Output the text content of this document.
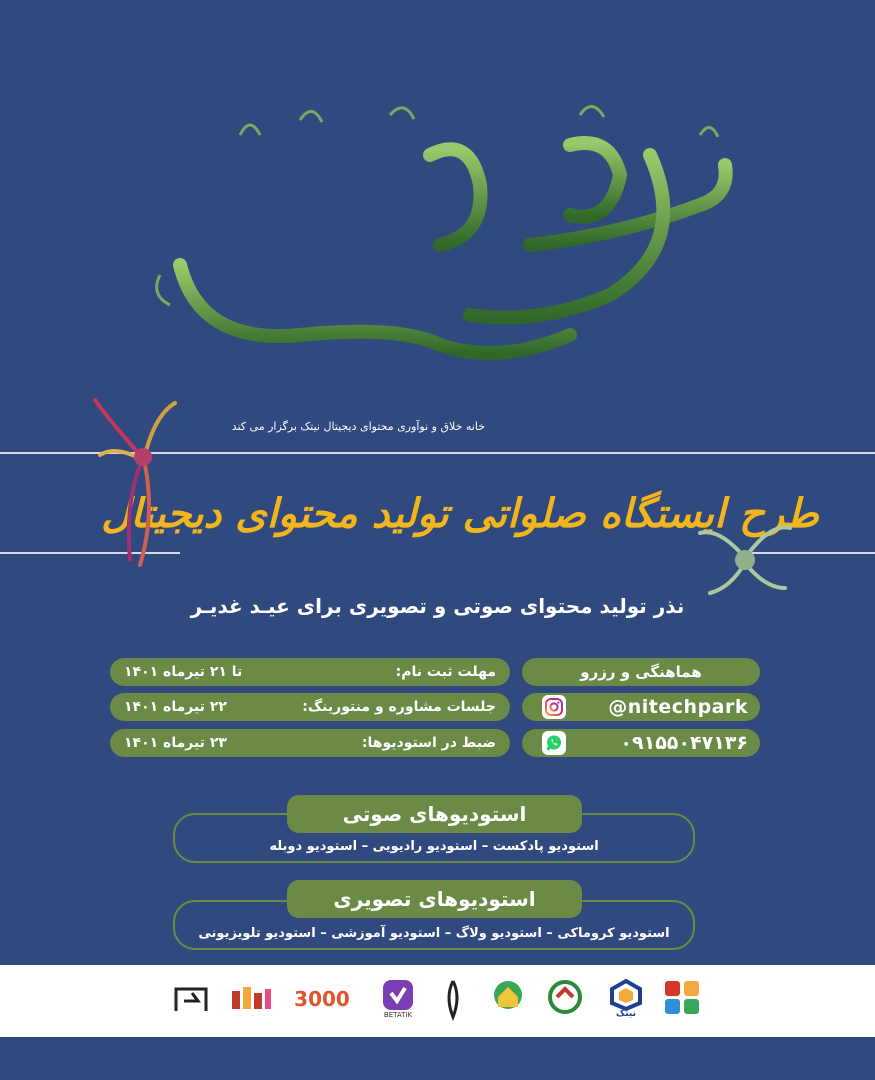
علی ولی الله
خانه خلاق و نوآوری محتوای دیجیتال نیتک برگزار می کند
طرح ایستگاه صلواتی تولید محتوای دیجیتال
نذر تولید محتوای صوتی و تصویری برای عیـد غدیـر
مهلت ثبت نام:
تا ۲۱ تیرماه ۱۴۰۱
جلسات مشاوره و منتورینگ:
۲۲ تیرماه ۱۴۰۱
ضبط در استودیوها:
۲۳ تیرماه ۱۴۰۱
هماهنگی و رزرو
@nitechpark
۰۹۱۵۵۰۴۷۱۳۶
استودیو پادکست – استودیو رادیویی – استودیو دوبله
استودیوهای صوتی
استودیو کروماکی – استودیو ولاگ – استودیو آموزشی – استودیو تلویزیونی
استودیوهای تصویری
نیتک
BETATIK
3000
